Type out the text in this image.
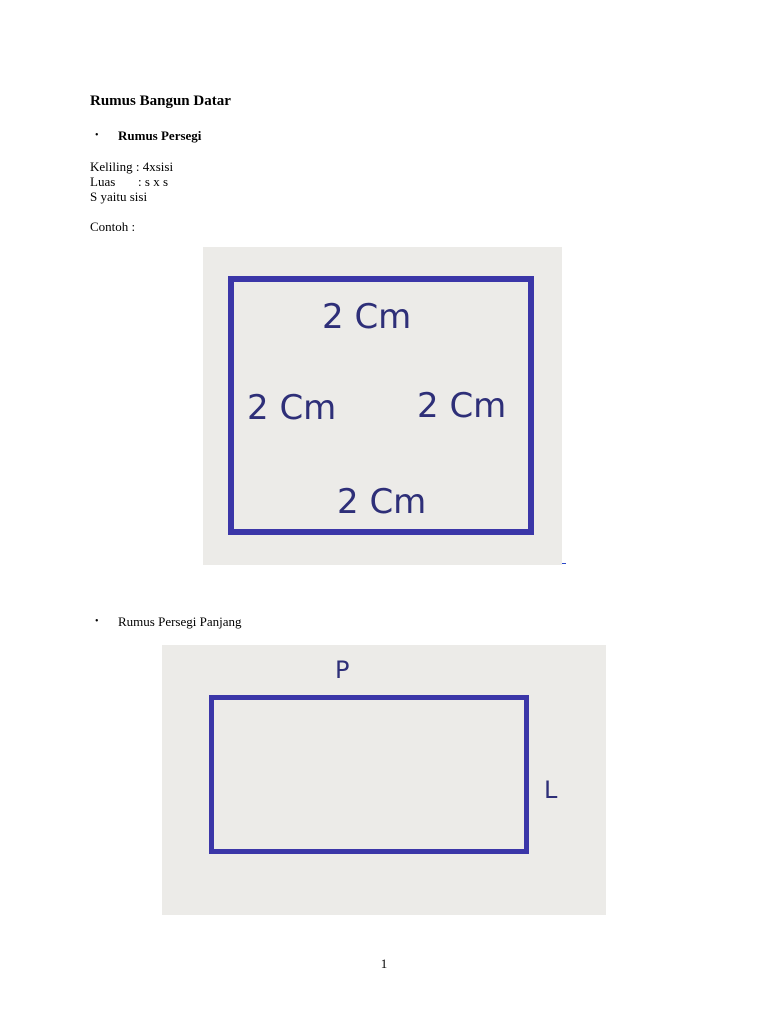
Rumus Bangun Datar
• Rumus Persegi
Keliling : 4xsisi
Luas       : s x s
S yaitu sisi
Contoh :
2 Cm
2 Cm 2 Cm
2 Cm
• Rumus Persegi Panjang
P
L
1
